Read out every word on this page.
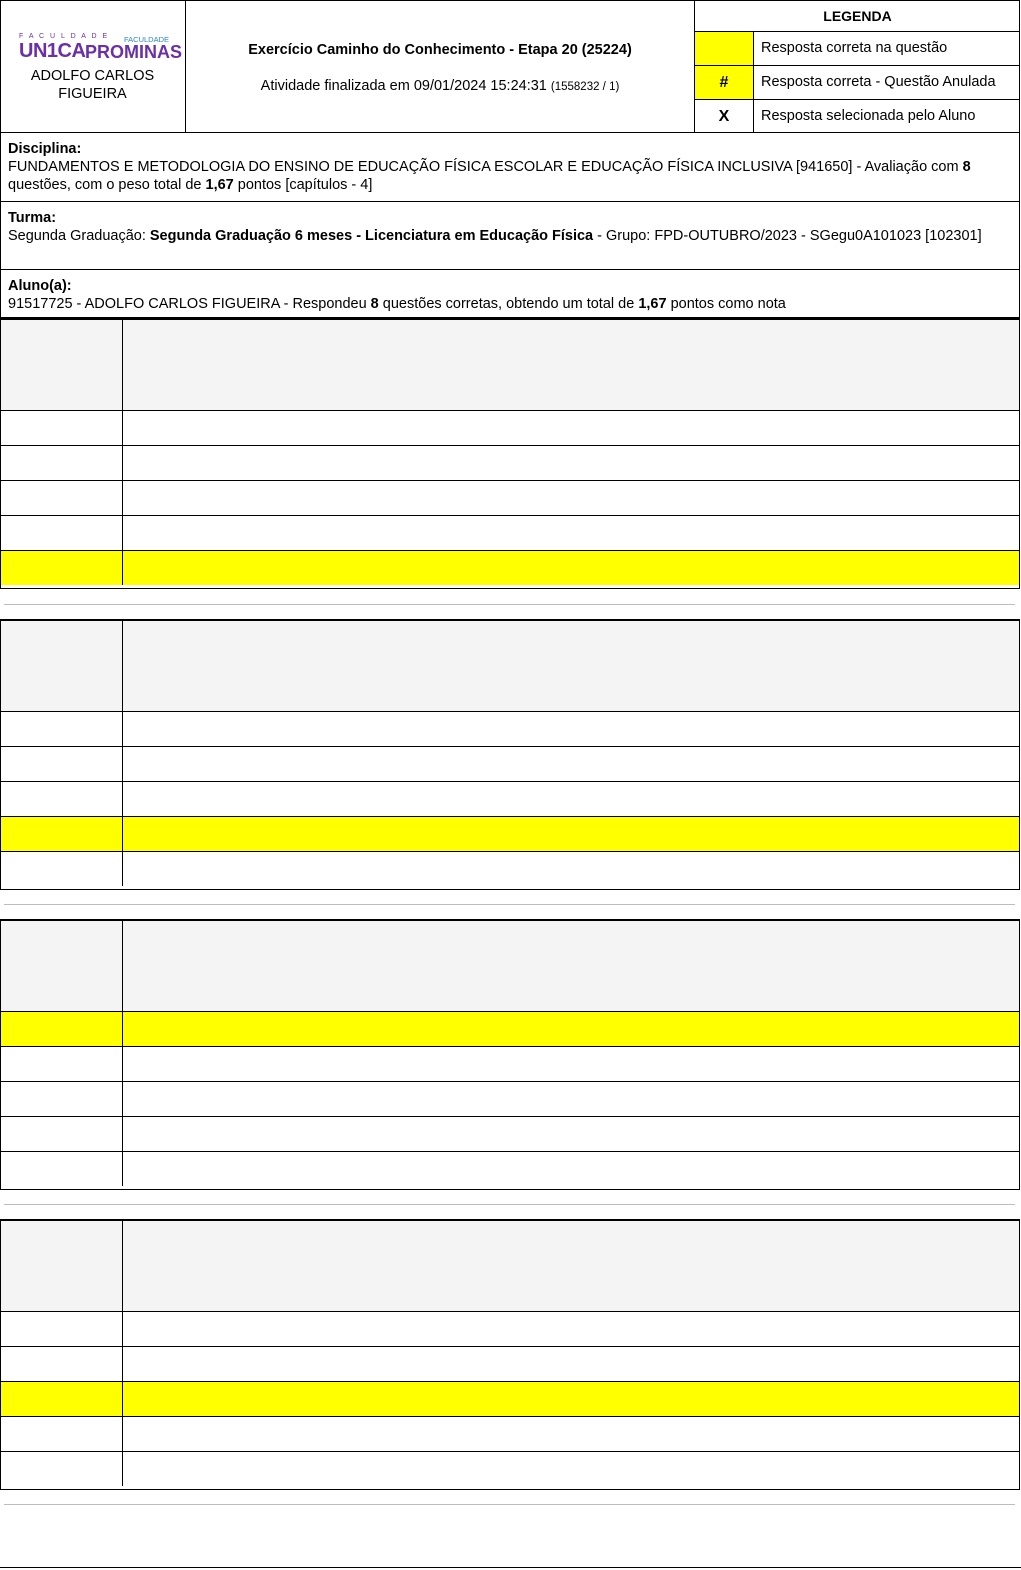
F A C U L D A D E FACULDADE
UN1CA PROMINAS
ADOLFO CARLOS FIGUEIRA
Exercício Caminho do Conhecimento - Etapa 20 (25224)
Atividade finalizada em 09/01/2024 15:24:31 (1558232 / 1)
LEGENDA
Resposta correta na questão
#	Resposta correta - Questão Anulada
X	Resposta selecionada pelo Aluno
Disciplina:
FUNDAMENTOS E METODOLOGIA DO ENSINO DE EDUCAÇÃO FÍSICA ESCOLAR E EDUCAÇÃO FÍSICA INCLUSIVA [941650] - Avaliação com 8 questões, com o peso total de 1,67 pontos [capítulos - 4]
Turma:
Segunda Graduação: Segunda Graduação 6 meses - Licenciatura em Educação Física - Grupo: FPD-OUTUBRO/2023 - SGegu0A101023 [102301]
Aluno(a):
91517725 - ADOLFO CARLOS FIGUEIRA - Respondeu 8 questões corretas, obtendo um total de 1,67 pontos como nota
